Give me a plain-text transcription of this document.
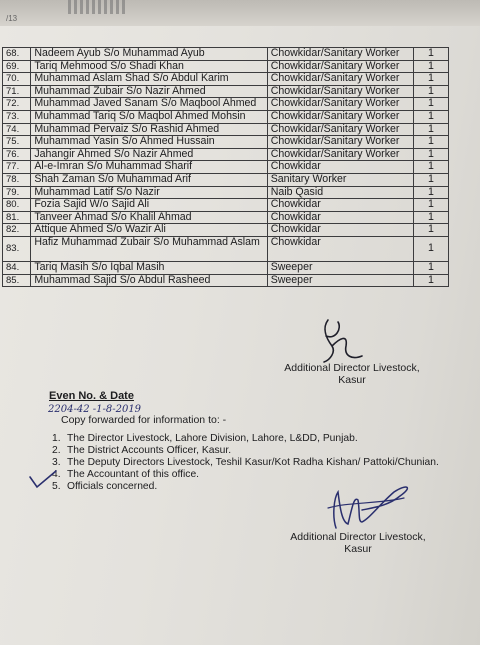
/13
68.	Nadeem Ayub S/o Muhammad Ayub	Chowkidar/Sanitary Worker	1
69.	Tariq Mehmood S/o Shadi Khan	Chowkidar/Sanitary Worker	1
70.	Muhammad Aslam Shad S/o Abdul Karim	Chowkidar/Sanitary Worker	1
71.	Muhammad Zubair S/o Nazir Ahmed	Chowkidar/Sanitary Worker	1
72.	Muhammad Javed Sanam S/o Maqbool Ahmed	Chowkidar/Sanitary Worker	1
73.	Muhammad Tariq S/o Maqbol Ahmed Mohsin	Chowkidar/Sanitary Worker	1
74.	Muhammad Pervaiz S/o Rashid Ahmed	Chowkidar/Sanitary Worker	1
75.	Muhammad Yasin S/o Ahmed Hussain	Chowkidar/Sanitary Worker	1
76.	Jahangir Ahmed S/o Nazir Ahmed	Chowkidar/Sanitary Worker	1
77.	Al-e-Imran S/o Muhammad Sharif	Chowkidar	1
78.	Shah Zaman S/o Muhammad Arif	Sanitary Worker	1
79.	Muhammad Latif S/o Nazir	Naib Qasid	1
80.	Fozia Sajid W/o Sajid Ali	Chowkidar	1
81.	Tanveer Ahmad S/o Khalil Ahmad	Chowkidar	1
82.	Attique Ahmed S/o Wazir Ali	Chowkidar	1
83.	Hafiz Muhammad Zubair S/o Muhammad Aslam	Chowkidar	1
84.	Tariq Masih S/o Iqbal Masih	Sweeper	1
85.	Muhammad Sajid S/o Abdul Rasheed	Sweeper	1
Additional Director Livestock,
Kasur
Even No. & Date
2204-42 -1-8-2019
Copy forwarded for information to: -
1. The Director Livestock, Lahore Division, Lahore, L&DD, Punjab.
2. The District Accounts Officer, Kasur.
3. The Deputy Directors Livestock, Teshil Kasur/Kot Radha Kishan/ Pattoki/Chunian.
4. The Accountant of this office.
5. Officials concerned.
Additional Director Livestock,
Kasur
